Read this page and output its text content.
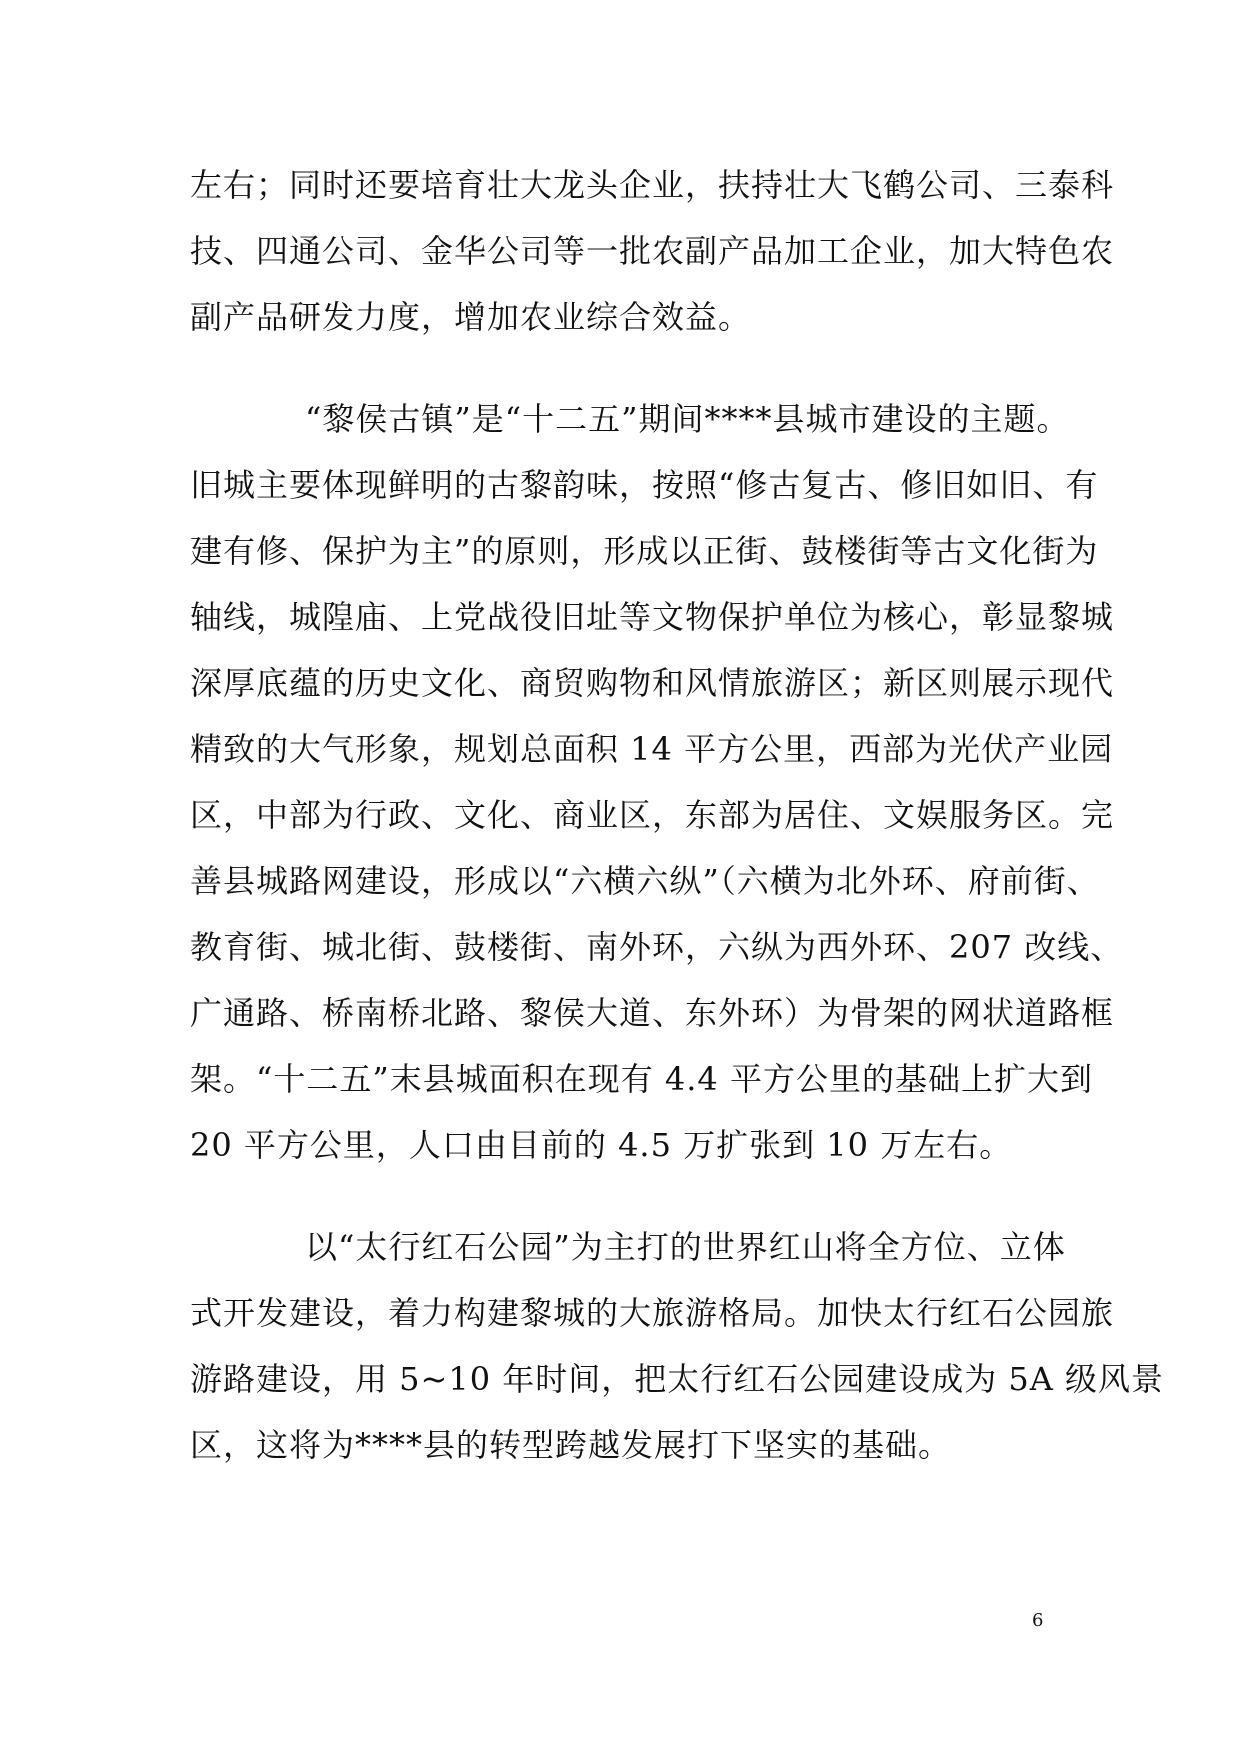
左右；同时还要培育壮大龙头企业，扶持壮大飞鹤公司、三泰科
技、四通公司、金华公司等一批农副产品加工企业，加大特色农
副产品研发力度，增加农业综合效益。

“黎侯古镇”是“十二五”期间****县城市建设的主题。
旧城主要体现鲜明的古黎韵味，按照“修古复古、修旧如旧、有
建有修、保护为主”的原则，形成以正街、鼓楼街等古文化街为
轴线，城隍庙、上党战役旧址等文物保护单位为核心，彰显黎城
深厚底蕴的历史文化、商贸购物和风情旅游区；新区则展示现代
精致的大气形象，规划总面积 14 平方公里，西部为光伏产业园
区，中部为行政、文化、商业区，东部为居住、文娱服务区。完
善县城路网建设，形成以“六横六纵”（六横为北外环、府前街、
教育街、城北街、鼓楼街、南外环，六纵为西外环、207 改线、
广通路、桥南桥北路、黎侯大道、东外环）为骨架的网状道路框
架。“十二五”末县城面积在现有 4.4 平方公里的基础上扩大到
20 平方公里，人口由目前的 4.5 万扩张到 10 万左右。

以“太行红石公园”为主打的世界红山将全方位、立体
式开发建设，着力构建黎城的大旅游格局。加快太行红石公园旅
游路建设，用 5~10 年时间，把太行红石公园建设成为 5A 级风景
区，这将为****县的转型跨越发展打下坚实的基础。

6
